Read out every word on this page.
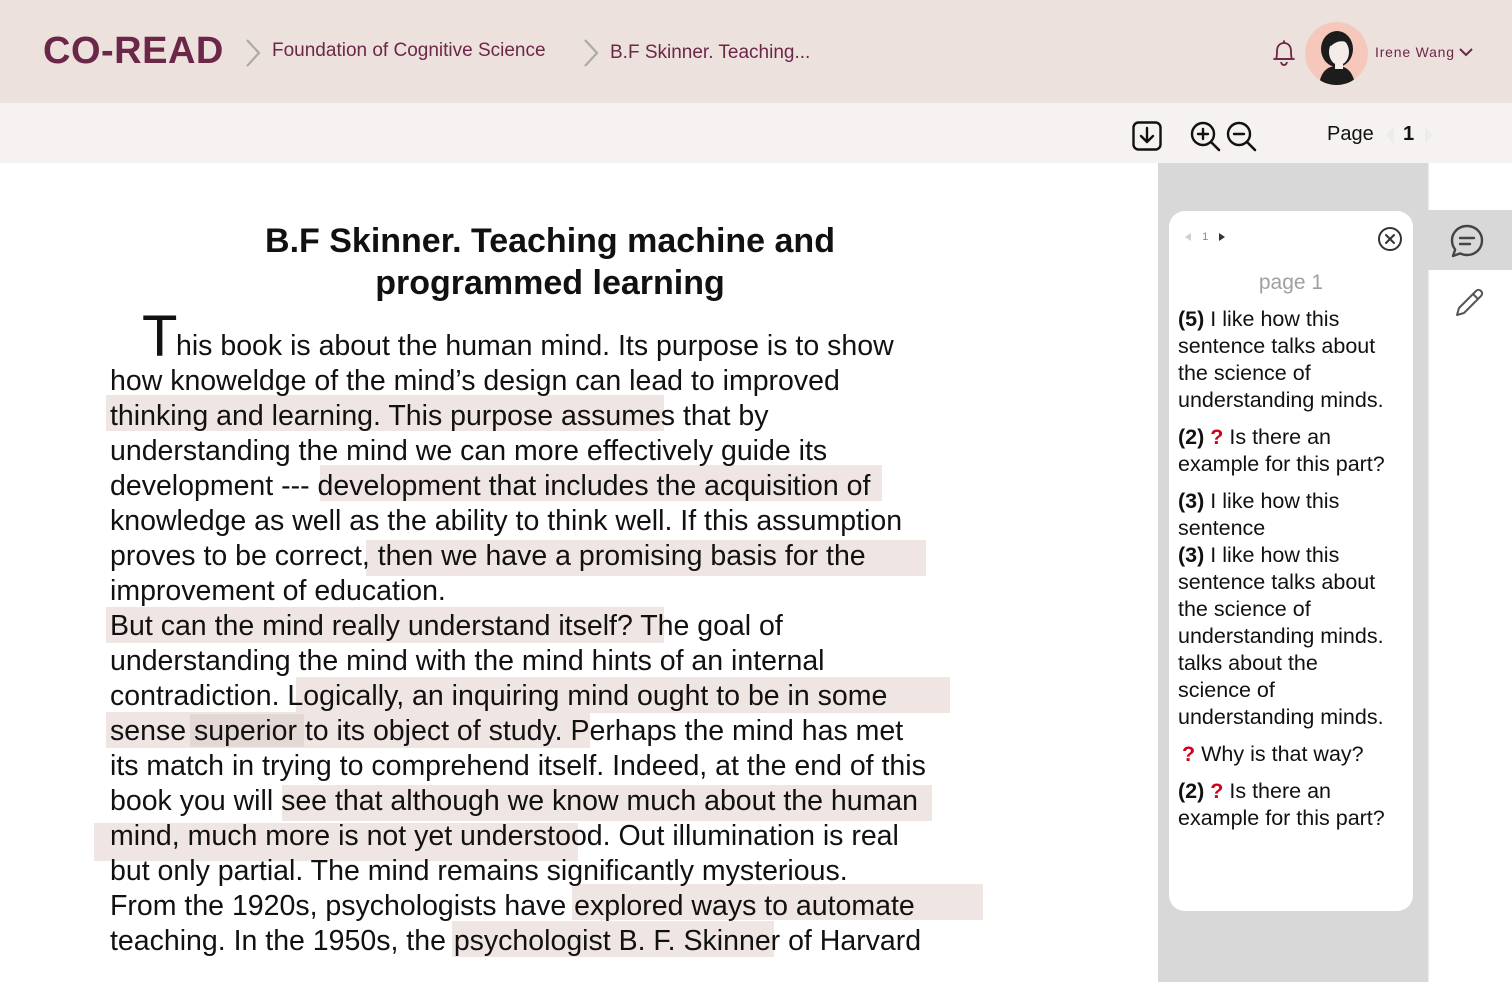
CO-READ	Foundation of Cognitive Science	B.F Skinner. Teaching...	Irene Wang
Page 1
B.F Skinner. Teaching machine and
programmed learning
T
his book is about the human mind. Its purpose is to show
how knoweldge of the mind’s design can lead to improved
thinking and learning. This purpose assumes that by
understanding the mind we can more effectively guide its
development --- development that includes the acquisition of
knowledge as well as the ability to think well. If this assumption
proves to be correct, then we have a promising basis for the
improvement of education.
But can the mind really understand itself? The goal of
understanding the mind with the mind hints of an internal
contradiction. Logically, an inquiring mind ought to be in some
sense superior to its object of study. Perhaps the mind has met
its match in trying to comprehend itself. Indeed, at the end of this
book you will see that although we know much about the human
mind, much more is not yet understood. Out illumination is real
but only partial. The mind remains significantly mysterious.
From the 1920s, psychologists have explored ways to automate
teaching. In the 1950s, the psychologist B. F. Skinner of Harvard
1
page 1
(5) I like how this
sentence talks about
the science of
understanding minds.
(2) ? Is there an
example for this part?
(3) I like how this
sentence
(3) I like how this
sentence talks about
the science of
understanding minds.
talks about the
science of
understanding minds.
? Why is that way?
(2) ? Is there an
example for this part?
